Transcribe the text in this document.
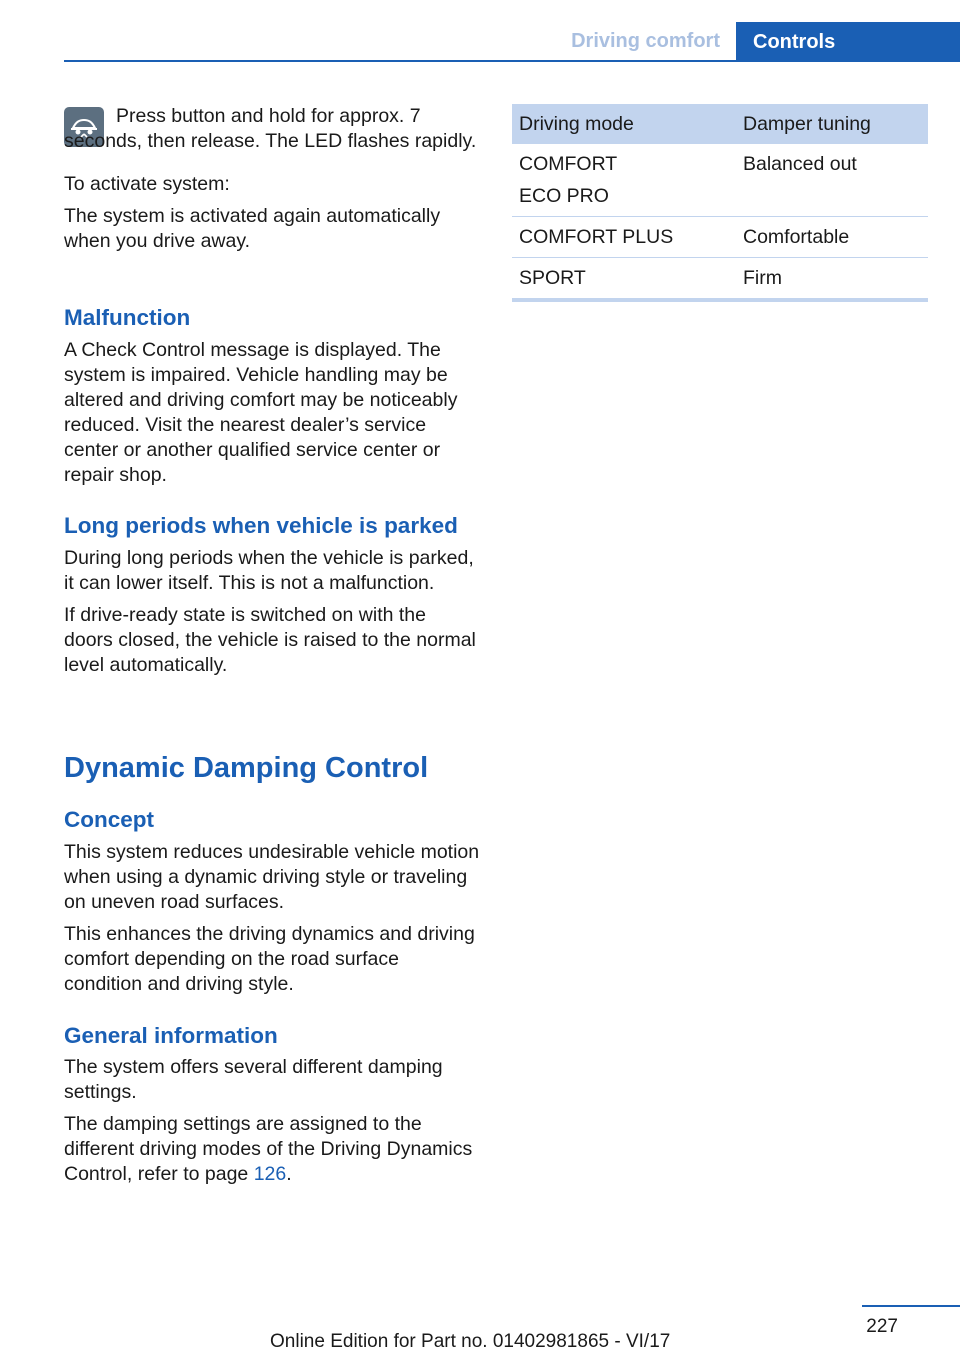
Driving comfort Controls

Press button and hold for approx. 7 seconds, then release. The LED flashes rapidly.

To activate system:

The system is activated again automatically when you drive away.

Malfunction

A Check Control message is displayed. The system is impaired. Vehicle handling may be altered and driving comfort may be noticeably reduced. Visit the nearest dealer’s service center or another qualified service center or repair shop.

Long periods when vehicle is parked

During long periods when the vehicle is parked, it can lower itself. This is not a malfunction.

If drive-ready state is switched on with the doors closed, the vehicle is raised to the normal level automatically.

Dynamic Damping Control
Concept

This system reduces undesirable vehicle motion when using a dynamic driving style or traveling on uneven road surfaces.

This enhances the driving dynamics and driving comfort depending on the road surface condition and driving style.

General information

The system offers several different damping settings.

The damping settings are assigned to the different driving modes of the Driving Dynamics Control, refer to page 126.

Driving mode	Damper tuning

COMFORT
ECO PRO	Balanced out
COMFORT PLUS	Comfortable
SPORT	Firm
227
Online Edition for Part no. 01402981865 - VI/17
